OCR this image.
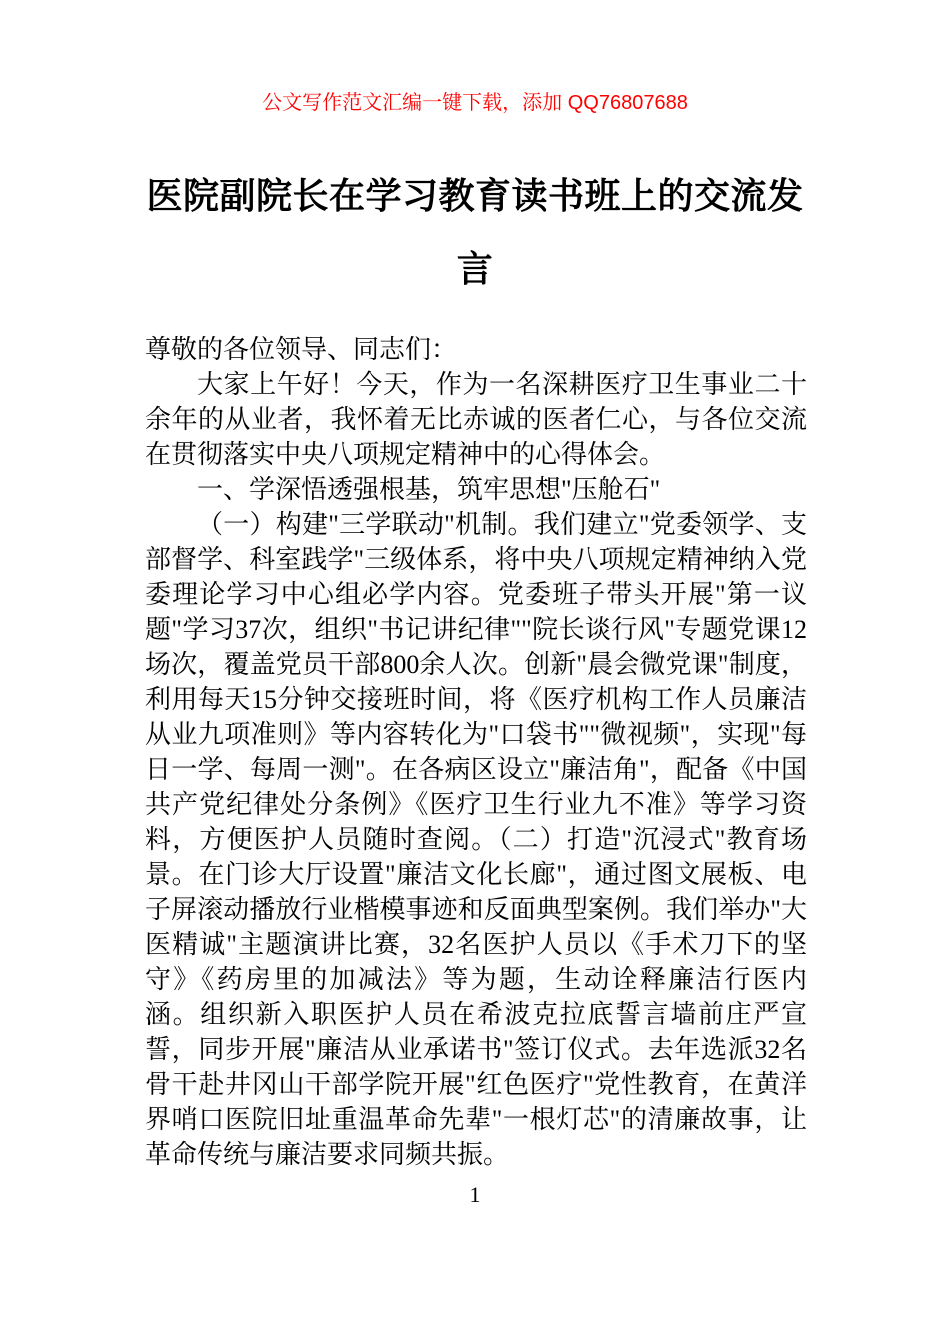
公文写作范文汇编一键下载，添加 QQ76807688
医院副院长在学习教育读书班上的交流发言

尊敬的各位领导、同志们：

大家上午好！今天，作为一名深耕医疗卫生事业二十余年的从业者，我怀着无比赤诚的医者仁心，与各位交流在贯彻落实中央八项规定精神中的心得体会。

一、学深悟透强根基，筑牢思想"压舱石"

（一）构建"三学联动"机制。我们建立"党委领学、支部督学、科室践学"三级体系，将中央八项规定精神纳入党委理论学习中心组必学内容。党委班子带头开展"第一议题"学习37次，组织"书记讲纪律""院长谈行风"专题党课12场次，覆盖党员干部800余人次。创新"晨会微党课"制度，利用每天15分钟交接班时间，将《医疗机构工作人员廉洁从业九项准则》等内容转化为"口袋书""微视频"，实现"每日一学、每周一测"。在各病区设立"廉洁角"，配备《中国共产党纪律处分条例》《医疗卫生行业九不准》等学习资料，方便医护人员随时查阅。（二）打造"沉浸式"教育场景。在门诊大厅设置"廉洁文化长廊"，通过图文展板、电子屏滚动播放行业楷模事迹和反面典型案例。我们举办"大医精诚"主题演讲比赛，32名医护人员以《手术刀下的坚守》《药房里的加减法》等为题，生动诠释廉洁行医内涵。组织新入职医护人员在希波克拉底誓言墙前庄严宣誓，同步开展"廉洁从业承诺书"签订仪式。去年选派32名骨干赴井冈山干部学院开展"红色医疗"党性教育，在黄洋界哨口医院旧址重温革命先辈"一根灯芯"的清廉故事，让革命传统与廉洁要求同频共振。

1
